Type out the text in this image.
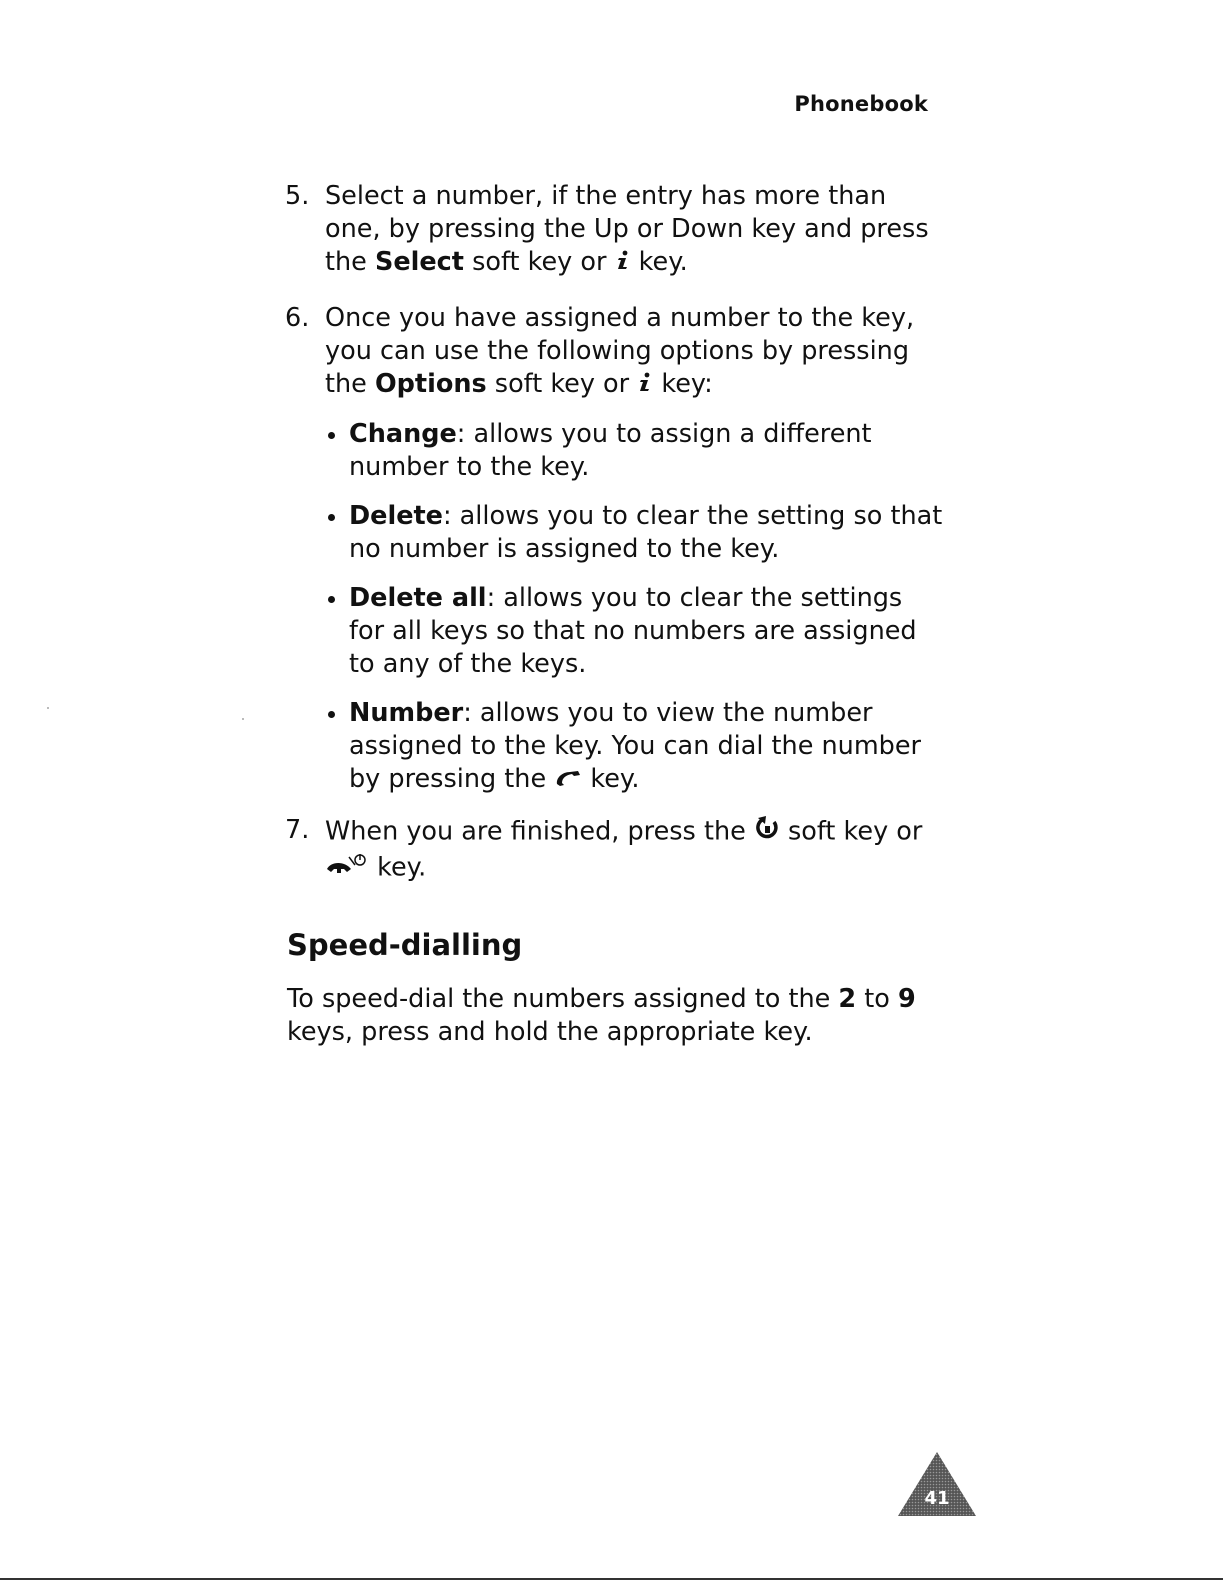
Phonebook
5. Select a number, if the entry has more than one, by pressing the Up or Down key and press the Select soft key or  key.
6. Once you have assigned a number to the key, you can use the following options by pressing the Options soft key or  key:
Change: allows you to assign a different number to the key.
Delete: allows you to clear the setting so that no number is assigned to the key.
Delete all: allows you to clear the settings for all keys so that no numbers are assigned to any of the keys.
Number: allows you to view the number assigned to the key. You can dial the number by pressing the  key.
7. When you are finished, press the  soft key or
key.
Speed-dialling
To speed-dial the numbers assigned to the 2 to 9 keys, press and hold the appropriate key.
41
